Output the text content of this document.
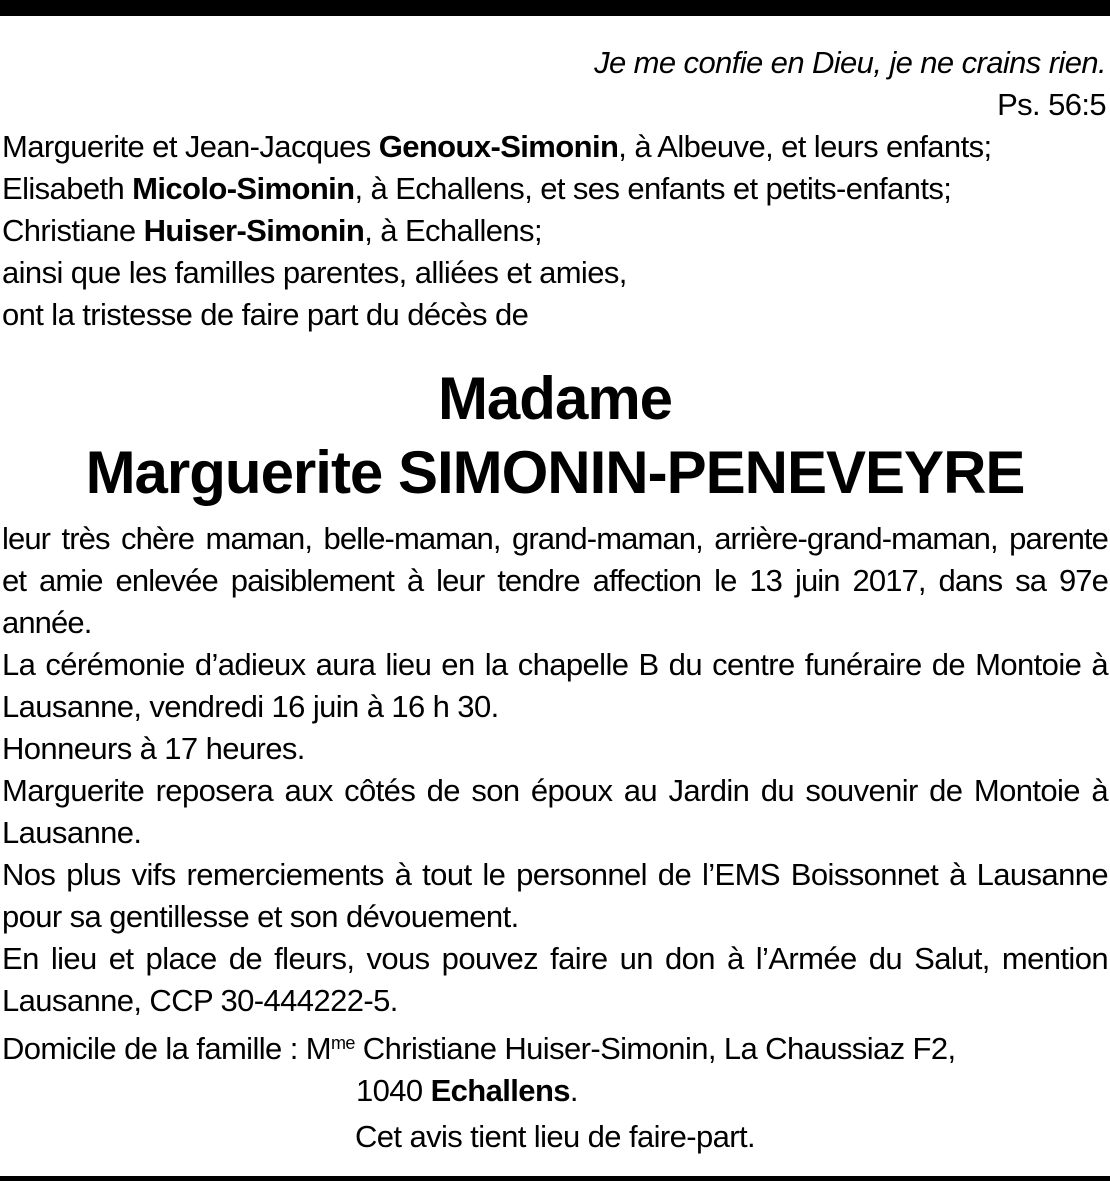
Je me confie en Dieu, je ne crains rien.
Ps. 56:5
Marguerite et Jean-Jacques Genoux-Simonin, à Albeuve, et leurs enfants;
Elisabeth Micolo-Simonin, à Echallens, et ses enfants et petits-enfants;
Christiane Huiser-Simonin, à Echallens;
ainsi que les familles parentes, alliées et amies,
ont la tristesse de faire part du décès de
Madame
Marguerite SIMONIN-PENEVEYRE
leur très chère maman, belle-maman, grand-maman, arrière-grand-maman, parente et amie enlevée paisiblement à leur tendre affection le 13 juin 2017, dans sa 97e année.
La cérémonie d’adieux aura lieu en la chapelle B du centre funéraire de Montoie à Lausanne, vendredi 16 juin à 16 h 30.
Honneurs à 17 heures.
Marguerite reposera aux côtés de son époux au Jardin du souvenir de Montoie à Lausanne.
Nos plus vifs remerciements à tout le personnel de l’EMS Boissonnet à Lausanne pour sa gentillesse et son dévouement.
En lieu et place de fleurs, vous pouvez faire un don à l’Armée du Salut, mention Lausanne, CCP 30-444222-5.
Domicile de la famille : $M^{me}$ Christiane Huiser-Simonin, La Chaussiaz F2,
1040 Echallens.
Cet avis tient lieu de faire-part.
